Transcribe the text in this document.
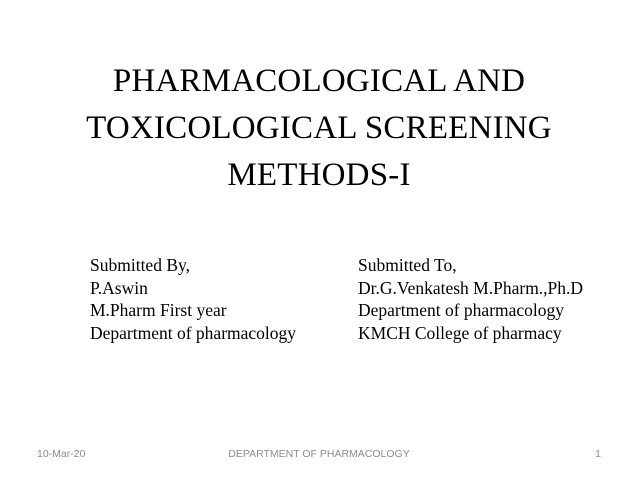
PHARMACOLOGICAL AND
TOXICOLOGICAL SCREENING
METHODS-I
Submitted By,
P.Aswin
M.Pharm First year
Department of pharmacology
Submitted To,
Dr.G.Venkatesh M.Pharm.,Ph.D
Department of pharmacology
KMCH College of pharmacy
10-Mar-20	DEPARTMENT OF PHARMACOLOGY	1
